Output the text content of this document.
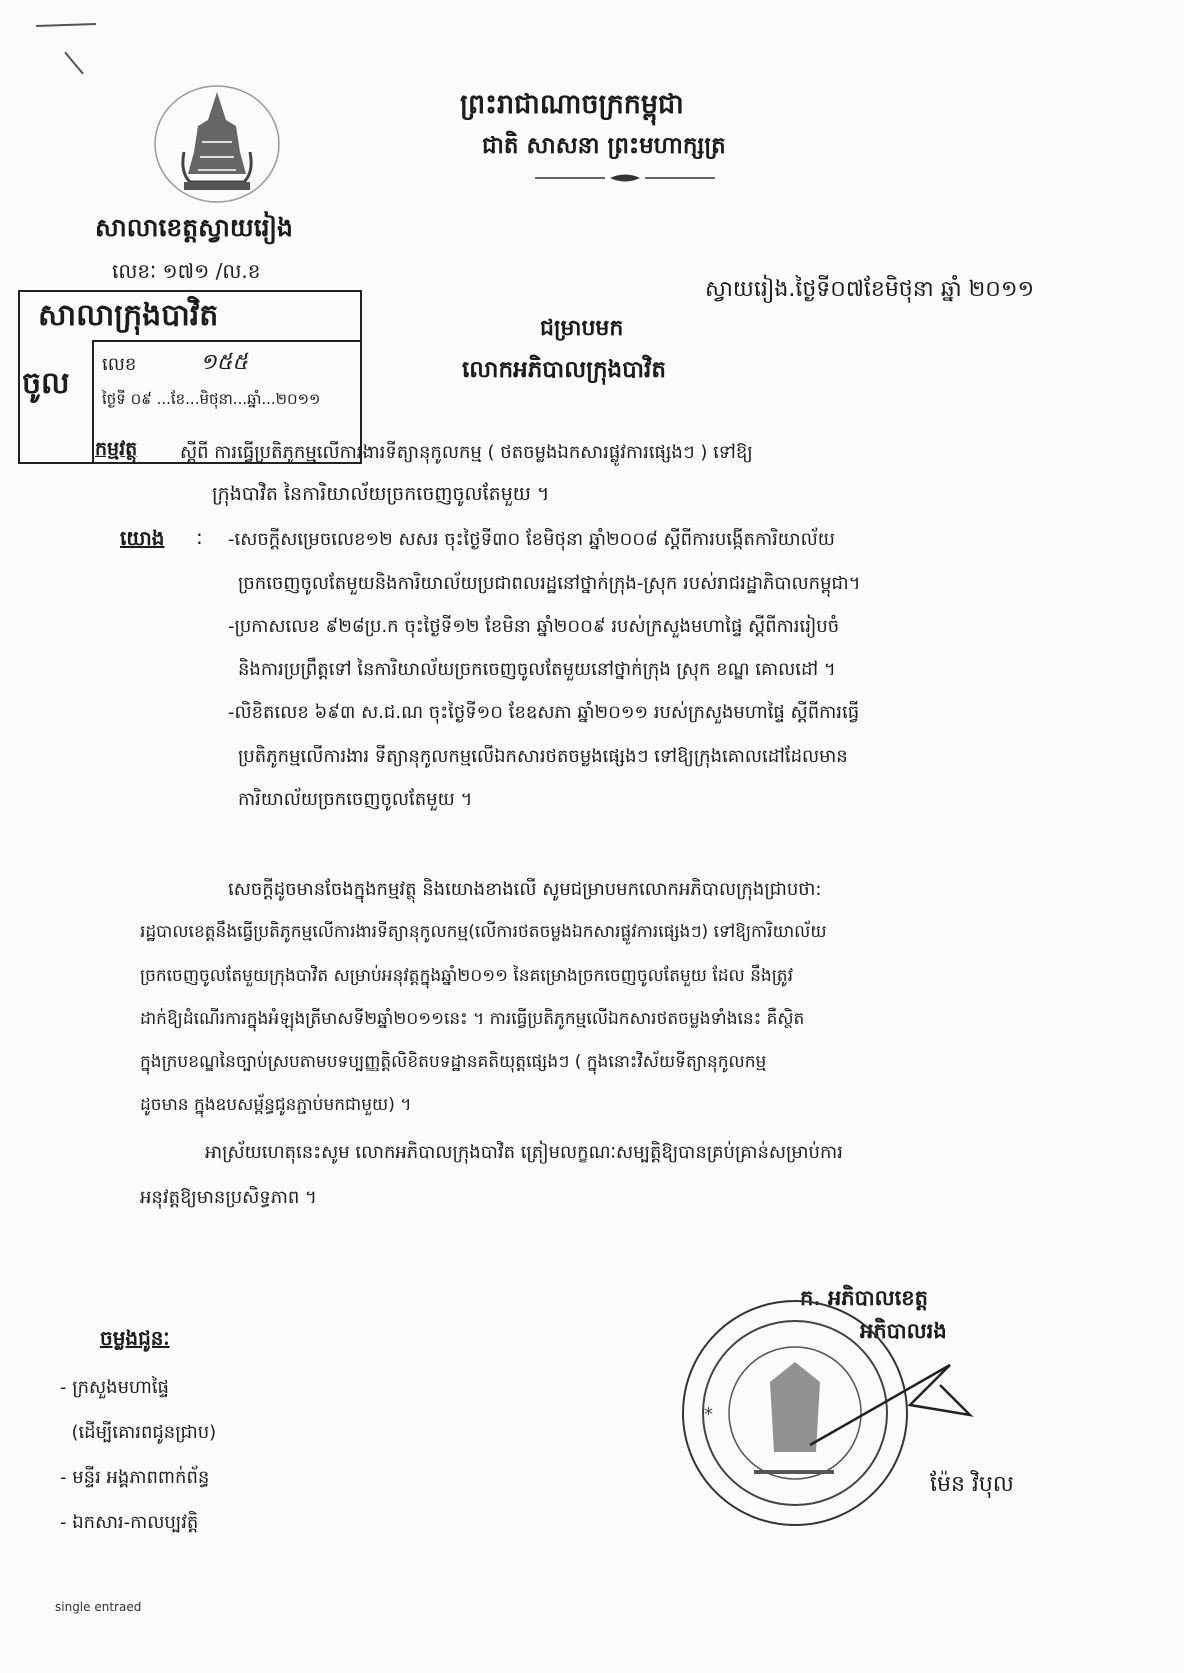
ព្រះរាជាណាចក្រកម្ពុជា
ជាតិ សាសនា ព្រះមហាក្សត្រ
សាលាខេត្តស្វាយរៀង
លេខៈ ១៧១ /ល.ខ
ស្វាយរៀង.ថ្ងៃទី០៧ខែមិថុនា ឆ្នាំ ២០១១
ជម្រាបមក
លោកអភិបាលក្រុងបាវិត
សាលាក្រុងបាវិត
ចូល
លេខ	១៥៥
ថ្ងៃទី ០៩ ...ខែ...មិថុនា...ឆ្នាំ...២០១១
កម្មវត្ថុ ស្តីពី ការធ្វើប្រតិភូកម្មលើការងារទីត្យានុកូលកម្ម ( ថតចម្លងឯកសារផ្លូវការផ្សេងៗ ) ទៅឱ្យ
ក្រុងបាវិត នៃការិយាល័យច្រកចេញចូលតែមួយ ។
យោង : -សេចក្តីសម្រេចលេខ១២ សសរ ចុះថ្ងៃទី៣០ ខែមិថុនា ឆ្នាំ២០០៨ ស្តីពីការបង្កើតការិយាល័យ
ច្រកចេញចូលតែមួយនិងការិយាល័យប្រជាពលរដ្ឋនៅថ្នាក់ក្រុង-ស្រុក របស់រាជរដ្ឋាភិបាលកម្ពុជា។
-ប្រកាសលេខ ៩២៨ប្រ.ក ចុះថ្ងៃទី១២ ខែមិនា ឆ្នាំ២០០៩ របស់ក្រសួងមហាផ្ទៃ ស្តីពីការរៀបចំ
និងការប្រព្រឹត្តទៅ នៃការិយាល័យច្រកចេញចូលតែមួយនៅថ្នាក់ក្រុង ស្រុក ខណ្ឌ គោលដៅ ។
-លិខិតលេខ ៦៩៣ ស.ជ.ណ ចុះថ្ងៃទី១០ ខែឧសភា ឆ្នាំ២០១១ របស់ក្រសួងមហាផ្ទៃ ស្តីពីការធ្វើ
ប្រតិភូកម្មលើការងារ ទីត្យានុកូលកម្មលើឯកសារថតចម្លងផ្សេងៗ ទៅឱ្យក្រុងគោលដៅដែលមាន
ការិយាល័យច្រកចេញចូលតែមួយ ។
សេចក្តីដូចមានចែងក្នុងកម្មវត្ថុ និងយោងខាងលើ សូមជម្រាបមកលោកអភិបាលក្រុងជ្រាបថា:
រដ្ឋបាលខេត្តនឹងធ្វើប្រតិភូកម្មលើការងារទីត្យានុកូលកម្ម(លើការថតចម្លងឯកសារផ្លូវការផ្សេងៗ) ទៅឱ្យការិយាល័យ
ច្រកចេញចូលតែមួយក្រុងបាវិត សម្រាប់អនុវត្តក្នុងឆ្នាំ២០១១ នៃគម្រោងច្រកចេញចូលតែមួយ ដែល នឹងត្រូវ
ដាក់ឱ្យដំណើរការក្នុងអំឡុងត្រីមាសទី២ឆ្នាំ២០១១នេះ ។ ការធ្វើប្រតិភូកម្មលើឯកសារថតចម្លងទាំងនេះ គឺស្ថិត
ក្នុងក្របខណ្ឌនៃច្បាប់ស្របតាមបទប្បញ្ញត្តិលិខិតបទដ្ឋានគតិយុត្តផ្សេងៗ ( ក្នុងនោះវិស័យទីត្យានុកូលកម្ម
ដូចមាន ក្នុងឧបសម្ព័ន្ធជូនភ្ជាប់មកជាមួយ) ។
អាស្រ័យហេតុនេះសូម លោកអភិបាលក្រុងបាវិត ត្រៀមលក្ខណៈសម្បត្តិឱ្យបានគ្រប់គ្រាន់សម្រាប់ការ
អនុវត្តឱ្យមានប្រសិទ្ធភាព ។
ក. អភិបាលខេត្ត
អភិបាលរង
*
ម៉ែន វិបុល
ចម្លងជូនៈ
- ក្រសួងមហាផ្ទៃ
(ដើម្បីគោរពជូនជ្រាប)
- មន្ទីរ អង្គភាពពាក់ព័ន្ធ
- ឯកសារ-កាលប្បវត្តិ
single entraed
